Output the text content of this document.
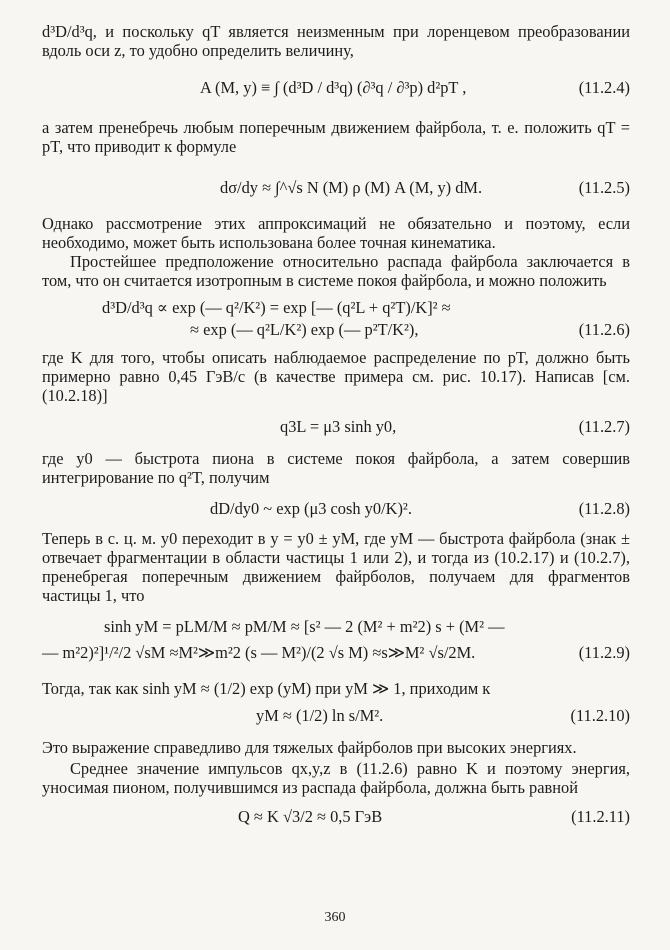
d³D/d³q, и поскольку qT является неизменным при лоренцевом преобразовании вдоль оси z, то удобно определить величину,

A (M, y) ≡ ∫ (d³D / d³q) (∂³q / ∂³p) d²pT ,	(11.2.4)

а затем пренебречь любым поперечным движением файрбола, т. е. положить qT = pT, что приводит к формуле

dσ/dy ≈ ∫^√s N (M) ρ (M) A (M, y) dM.	(11.2.5)

Однако рассмотрение этих аппроксимаций не обязательно и поэтому, если необходимо, может быть использована более точная кинематика.

Простейшее предположение относительно распада файрбола заключается в том, что он считается изотропным в системе покоя файрбола, и можно положить

d³D/d³q ∝ exp (— q²/K²) = exp [— (q²L + q²T)/K]² ≈
≈ exp (— q²L/K²) exp (— p²T/K²),	(11.2.6)

где K для того, чтобы описать наблюдаемое распределение по pT, должно быть примерно равно 0,45 ГэВ/с (в качестве примера см. рис. 10.17). Написав [см. (10.2.18)]

q3L = μ3 sinh y0,	(11.2.7)

где y0 — быстрота пиона в системе покоя файрбола, а затем совершив интегрирование по q²T, получим

dD/dy0 ~ exp (μ3 cosh y0/K)².	(11.2.8)

Теперь в с. ц. м. y0 переходит в y = y0 ± yM, где yM — быстрота файрбола (знак ± отвечает фрагментации в области частицы 1 или 2), и тогда из (10.2.17) и (10.2.7), пренебрегая поперечным движением файрболов, получаем для фрагментов частицы 1, что

sinh yM = pLM/M ≈ pM/M ≈ [s² — 2 (M² + m²2) s + (M² —
— m²2)²]¹/²/2 √sM ≈M²≫m²2 (s — M²)/(2 √s M) ≈s≫M² √s/2M.	(11.2.9)

Тогда, так как sinh yM ≈ (1/2) exp (yM) при yM ≫ 1, приходим к

yM ≈ (1/2) ln s/M².	(11.2.10)

Это выражение справедливо для тяжелых файрболов при высоких энергиях.

Среднее значение импульсов qx,y,z в (11.2.6) равно K и поэтому энергия, уносимая пионом, получившимся из распада файрбола, должна быть равной

Q ≈ K √3/2 ≈ 0,5 ГэВ	(11.2.11)
360
